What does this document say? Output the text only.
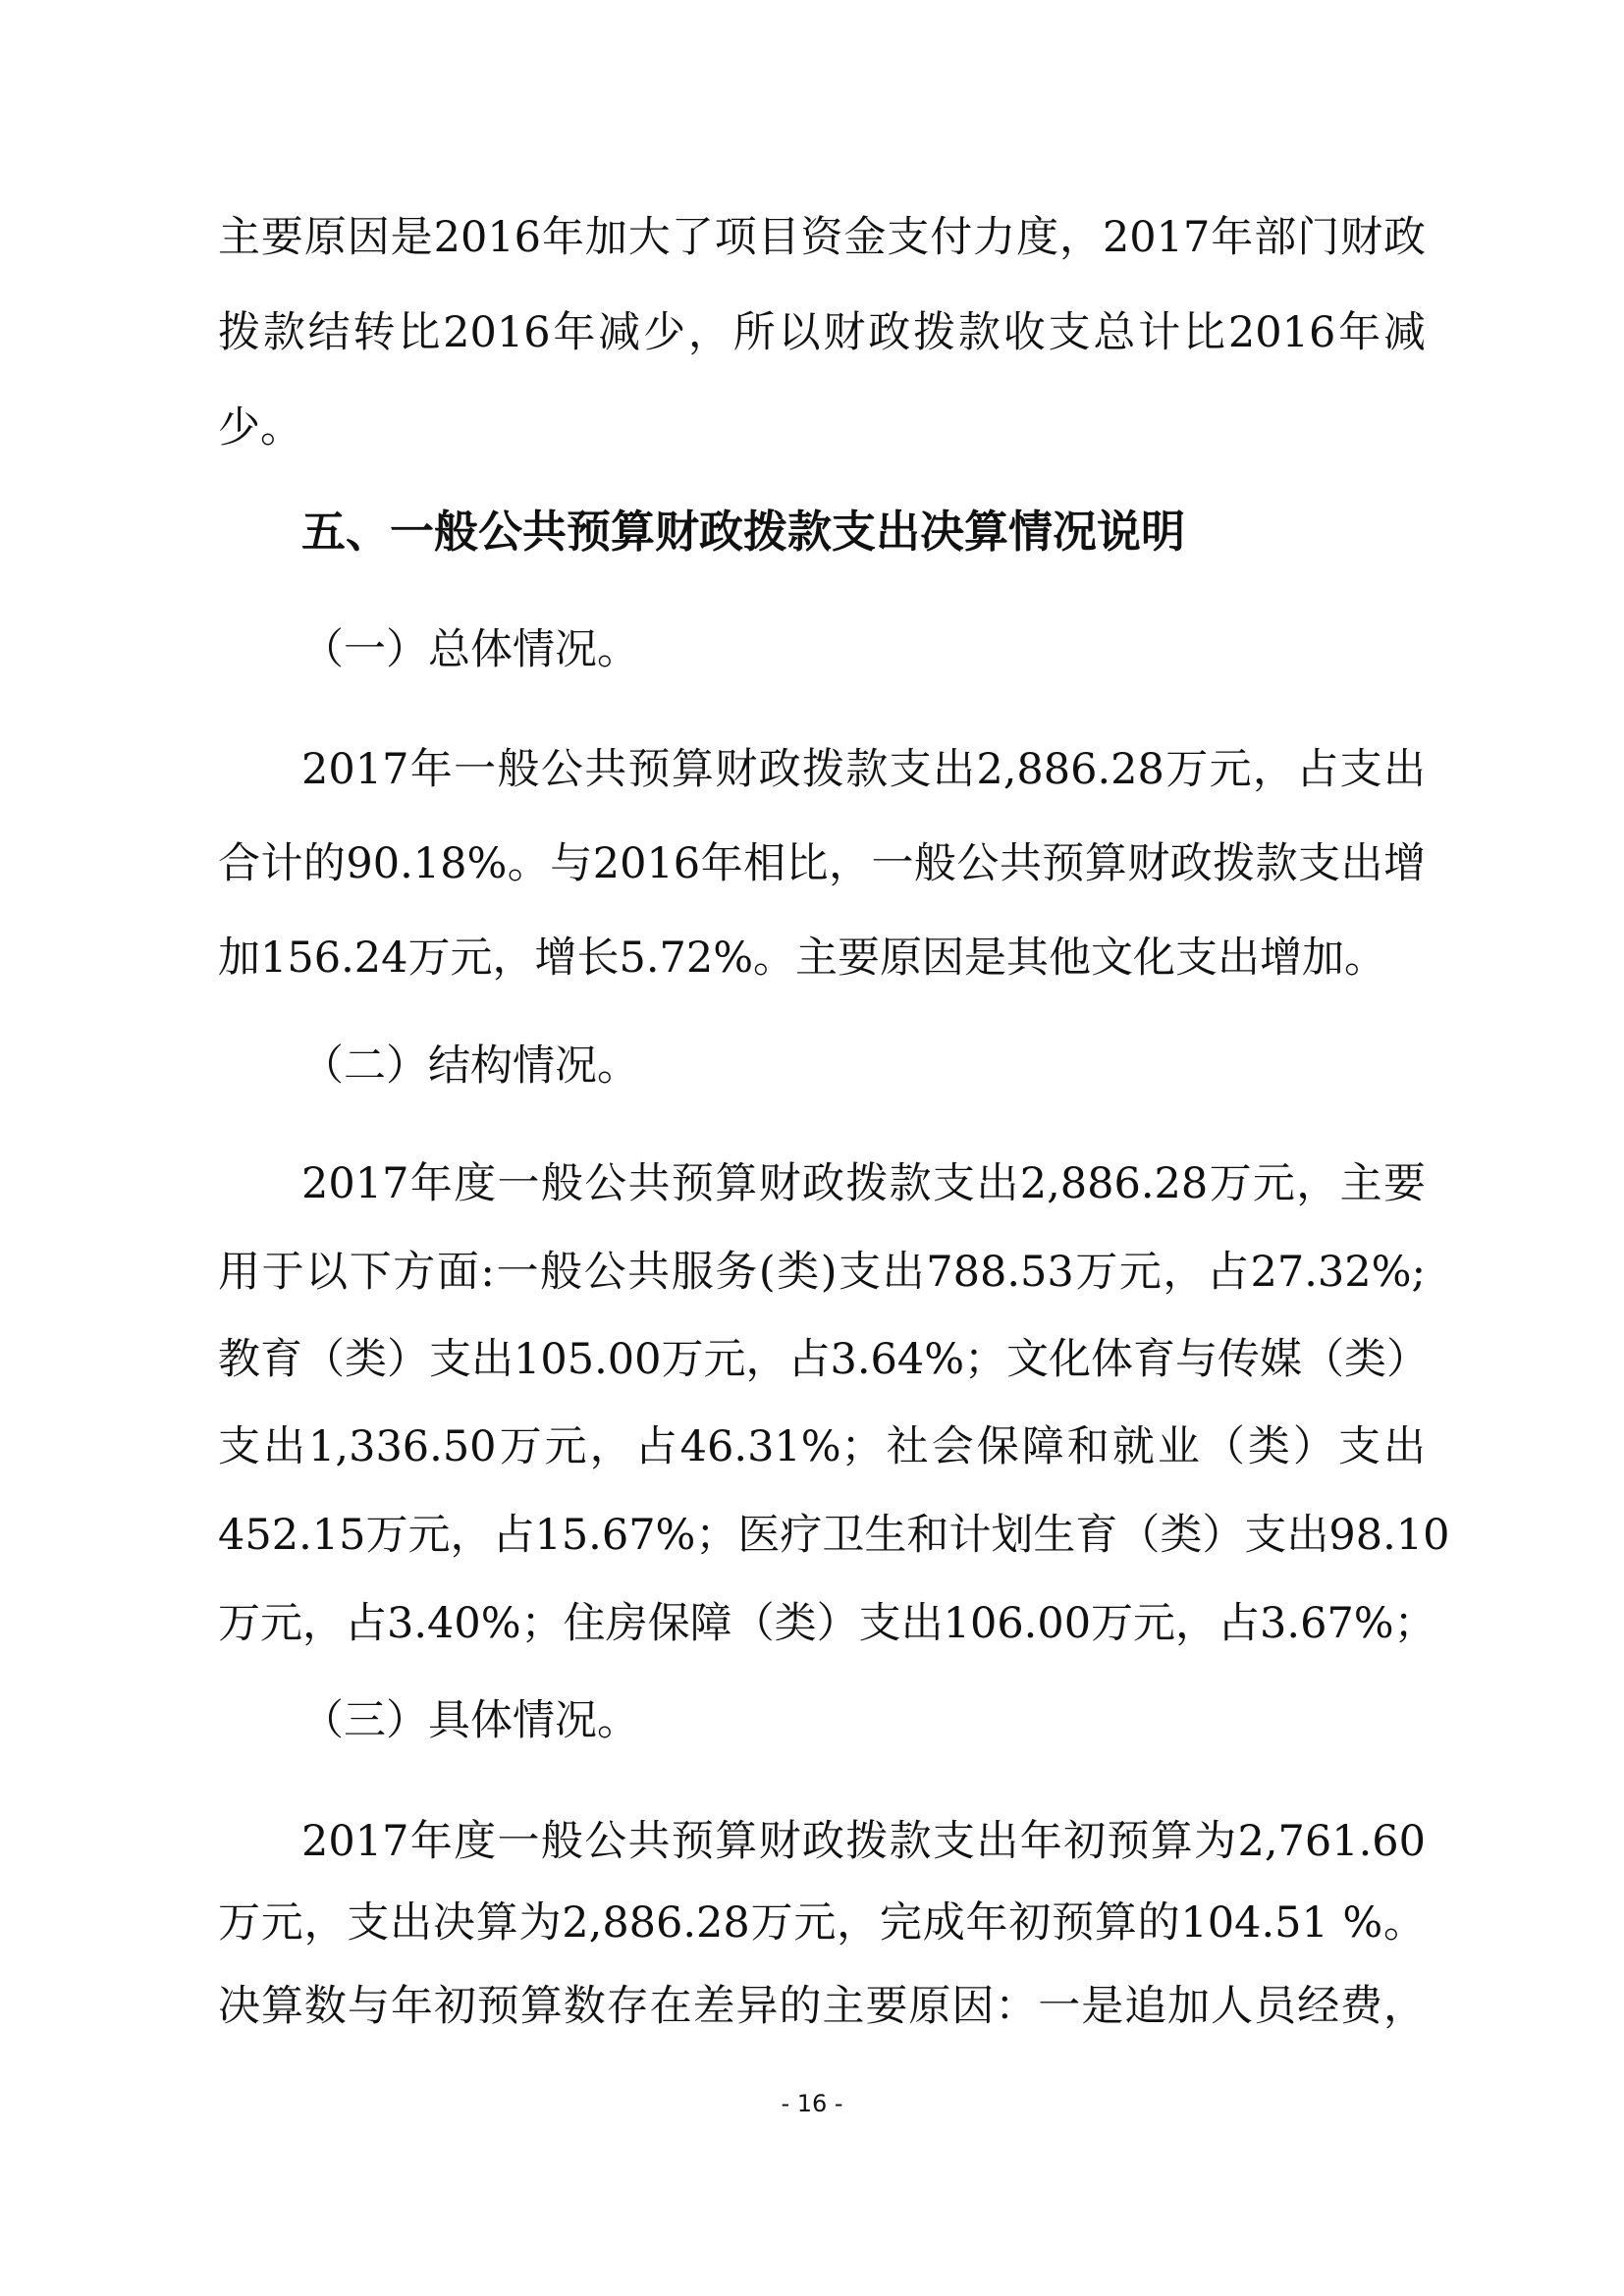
主要原因是2016年加大了项目资金支付力度，2017年部门财政
拨款结转比2016年减少，所以财政拨款收支总计比2016年减
少。
五、一般公共预算财政拨款支出决算情况说明
（一）总体情况。
2017年一般公共预算财政拨款支出2,886.28万元，占支出
合计的90.18%。与2016年相比，一般公共预算财政拨款支出增
加156.24万元，增长5.72%。主要原因是其他文化支出增加。
（二）结构情况。
2017年度一般公共预算财政拨款支出2,886.28万元，主要
用于以下方面:一般公共服务(类)支出788.53万元，占27.32%;
教育（类）支出105.00万元，占3.64%；文化体育与传媒（类）
支出1,336.50万元，占46.31%；社会保障和就业（类）支出
452.15万元，占15.67%；医疗卫生和计划生育（类）支出98.10
万元，占3.40%；住房保障（类）支出106.00万元，占3.67%；
（三）具体情况。
2017年度一般公共预算财政拨款支出年初预算为2,761.60
万元，支出决算为2,886.28万元，完成年初预算的104.51 %。
决算数与年初预算数存在差异的主要原因：一是追加人员经费，
- 16 -
